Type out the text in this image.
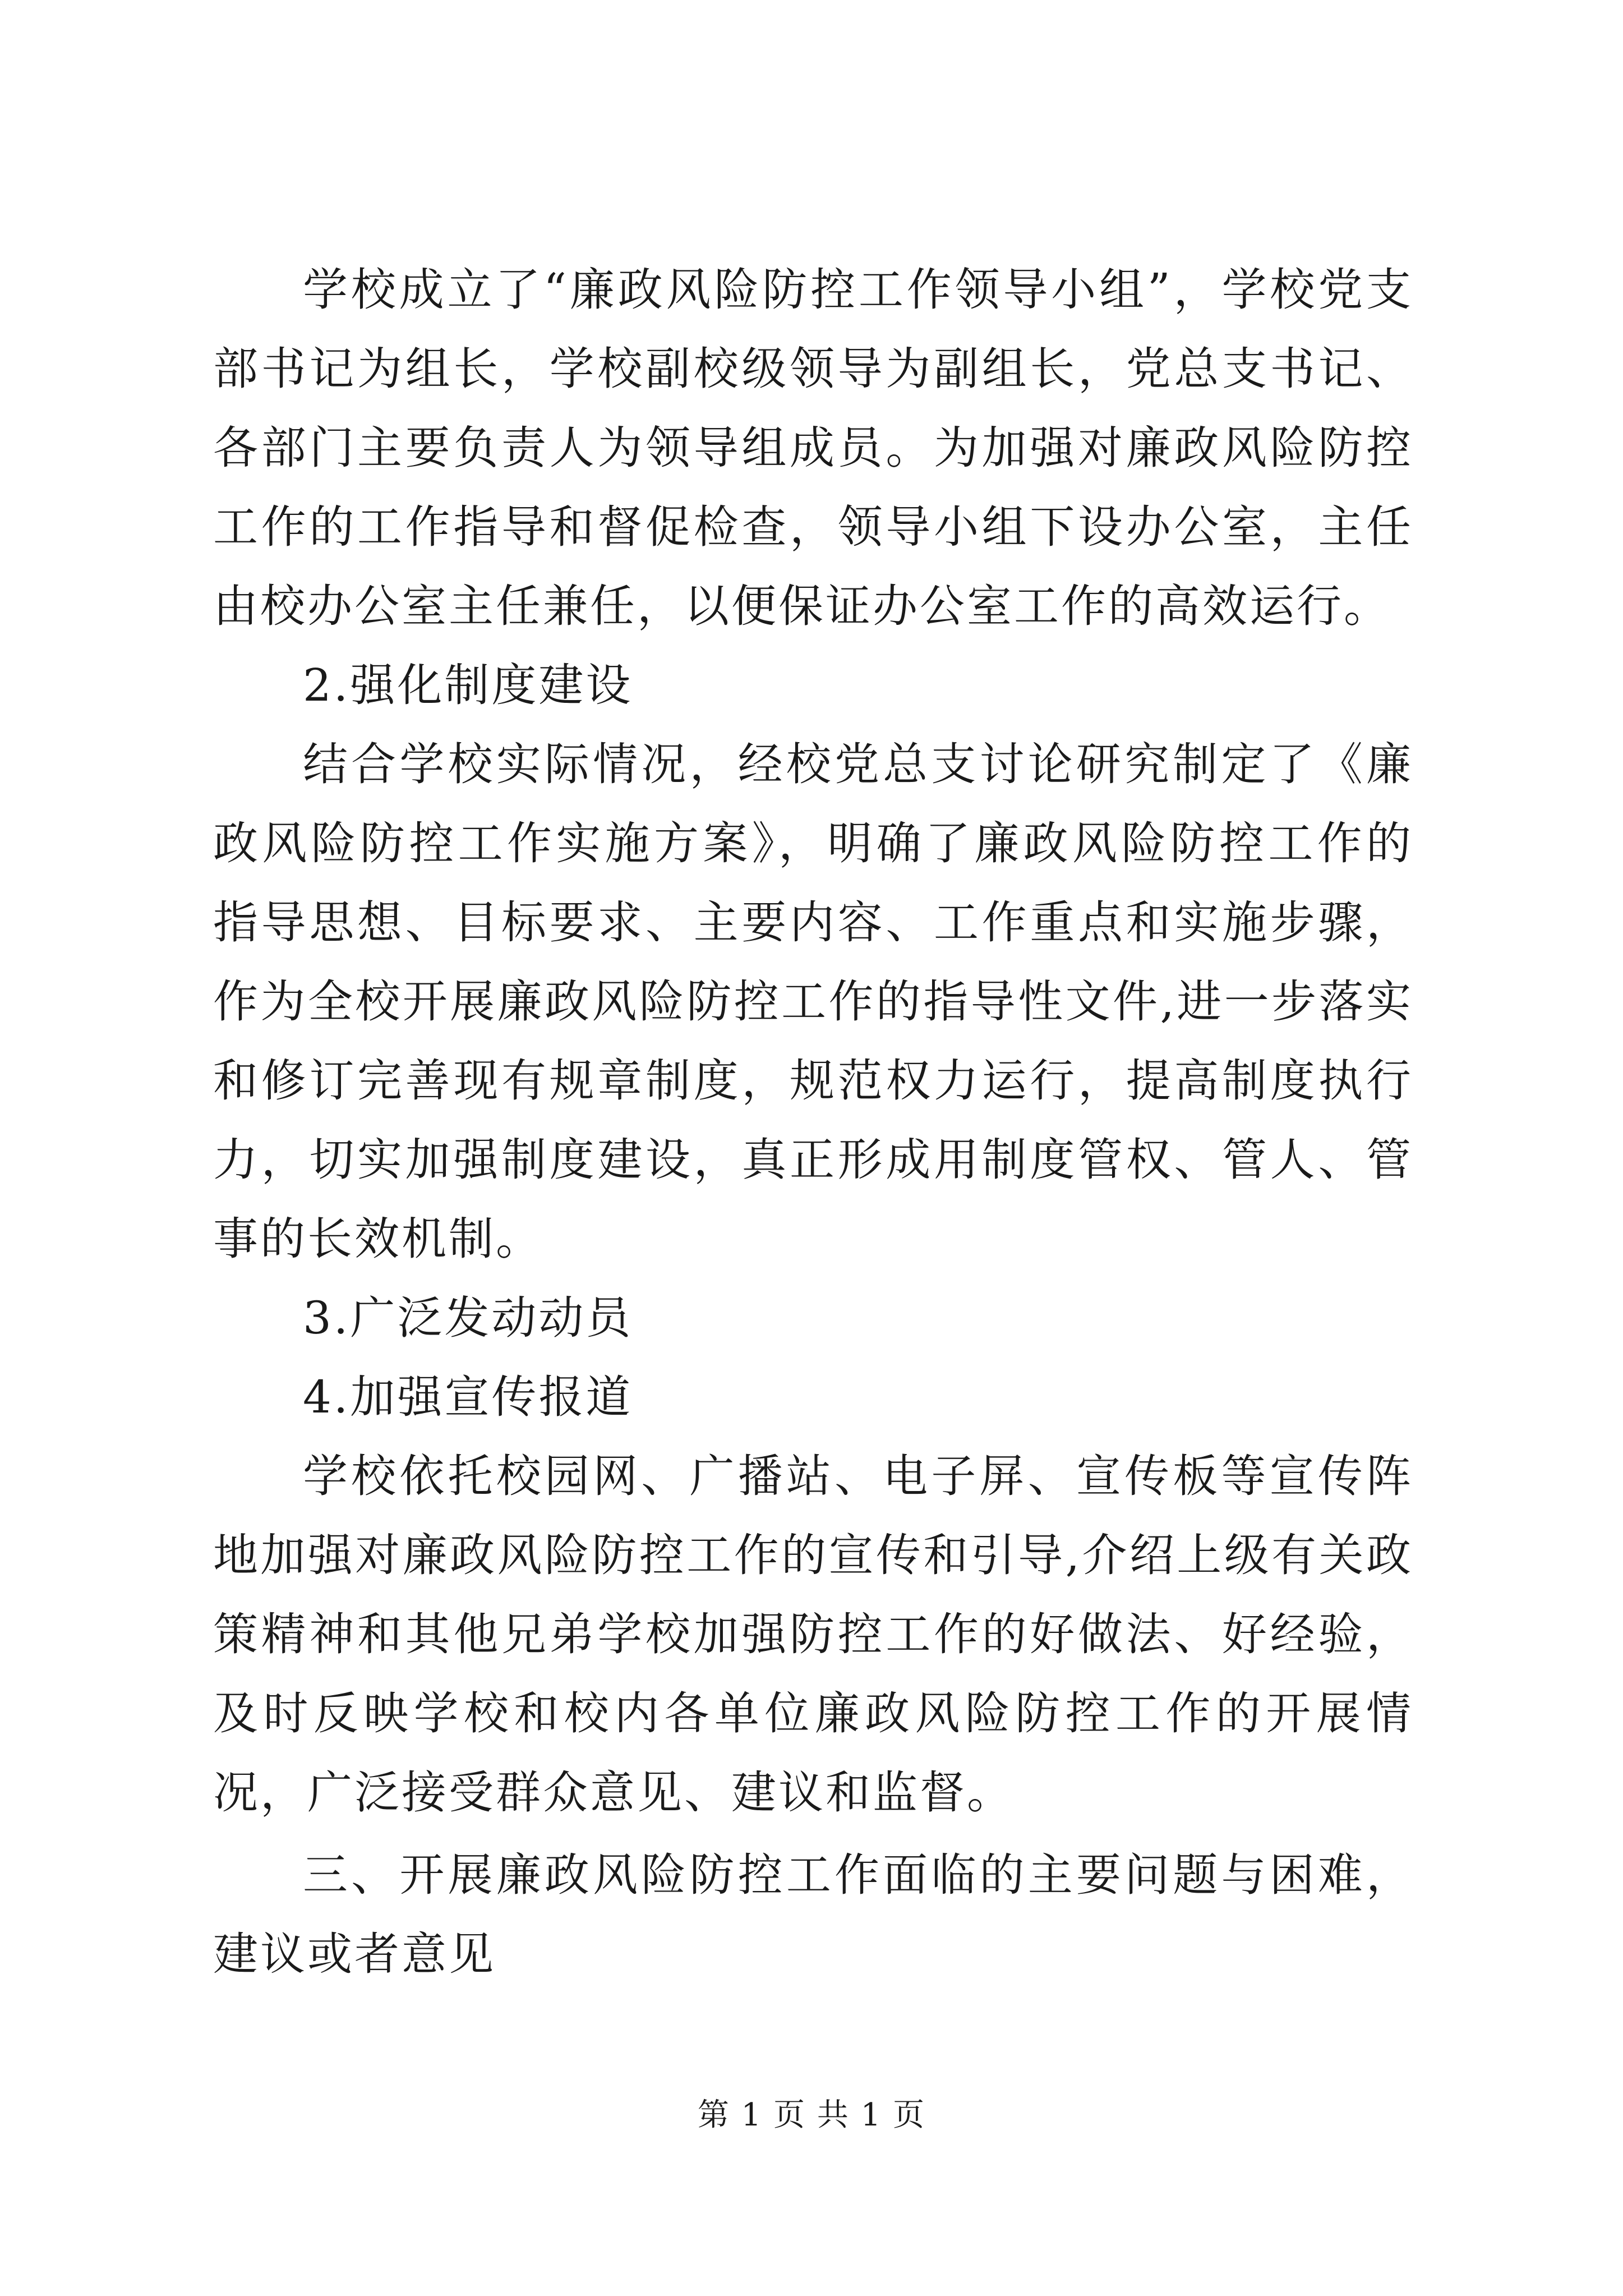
学校成立了“廉政风险防控工作领导小组”，学校党支部书记为组长，学校副校级领导为副组长，党总支书记、各部门主要负责人为领导组成员。为加强对廉政风险防控工作的工作指导和督促检查，领导小组下设办公室，主任由校办公室主任兼任，以便保证办公室工作的高效运行。

2.强化制度建设

结合学校实际情况，经校党总支讨论研究制定了《廉政风险防控工作实施方案》，明确了廉政风险防控工作的指导思想、目标要求、主要内容、工作重点和实施步骤，作为全校开展廉政风险防控工作的指导性文件,进一步落实和修订完善现有规章制度，规范权力运行，提高制度执行力，切实加强制度建设，真正形成用制度管权、管人、管事的长效机制。

3.广泛发动动员

4.加强宣传报道

学校依托校园网、广播站、电子屏、宣传板等宣传阵地加强对廉政风险防控工作的宣传和引导,介绍上级有关政策精神和其他兄弟学校加强防控工作的好做法、好经验，及时反映学校和校内各单位廉政风险防控工作的开展情况，广泛接受群众意见、建议和监督。

三、开展廉政风险防控工作面临的主要问题与困难，建议或者意见

第 1 页 共 1 页
